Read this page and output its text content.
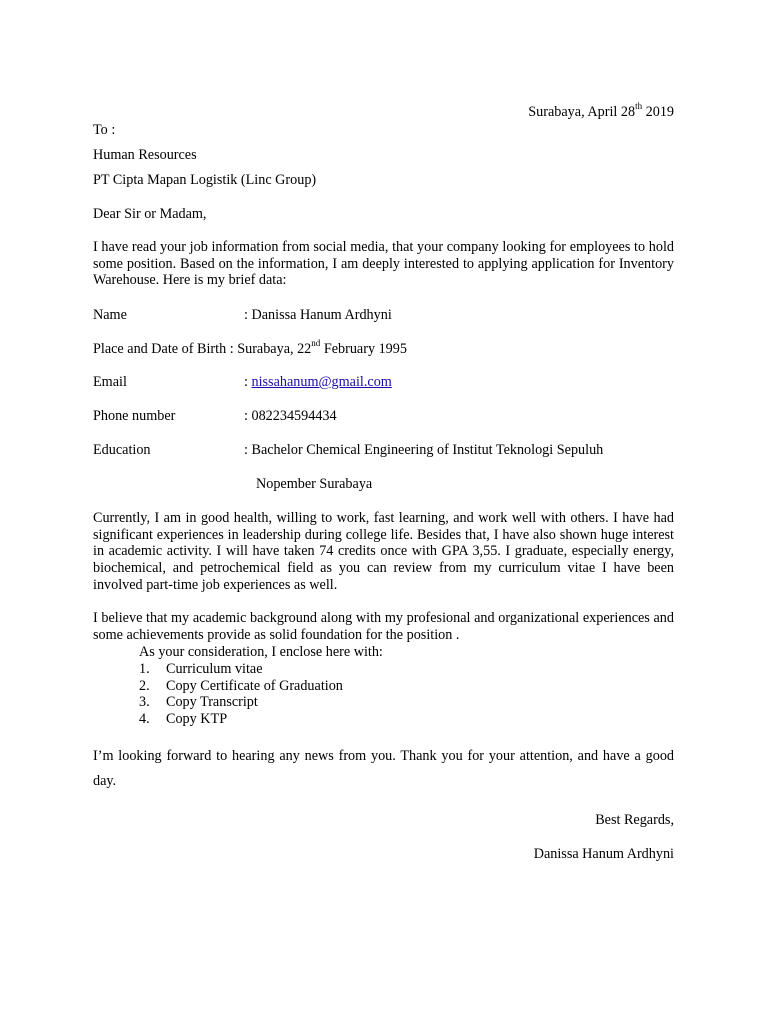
Surabaya, April 28th 2019
To :
Human Resources
PT Cipta Mapan Logistik (Linc Group)
Dear Sir or Madam,
I have read your job information from social media, that your company looking for employees to hold some position. Based on the information, I am deeply interested to applying application for Inventory Warehouse. Here is my brief data:
Name	: Danissa Hanum Ardhyni
Place and Date of Birth : Surabaya, 22nd February 1995
Email	: nissahanum@gmail.com
Phone number	: 082234594434
Education	: Bachelor Chemical Engineering of Institut Teknologi Sepuluh
Nopember Surabaya
Currently, I am in good health, willing to work, fast learning, and work well with others. I have had significant experiences in leadership during college life. Besides that, I have also shown huge interest in academic activity. I will have taken 74 credits once with GPA 3,55. I graduate, especially energy, biochemical, and petrochemical field as you can review from my curriculum vitae I have been involved part-time job experiences as well.
I believe that my academic background along with my profesional and organizational experiences and some achievements provide as solid foundation for the position .
As your consideration, I enclose here with:
1. Curriculum vitae
2. Copy Certificate of Graduation
3. Copy Transcript
4. Copy KTP
I’m looking forward to hearing any news from you. Thank you for your attention, and have a good day.
Best Regards,
Danissa Hanum Ardhyni
